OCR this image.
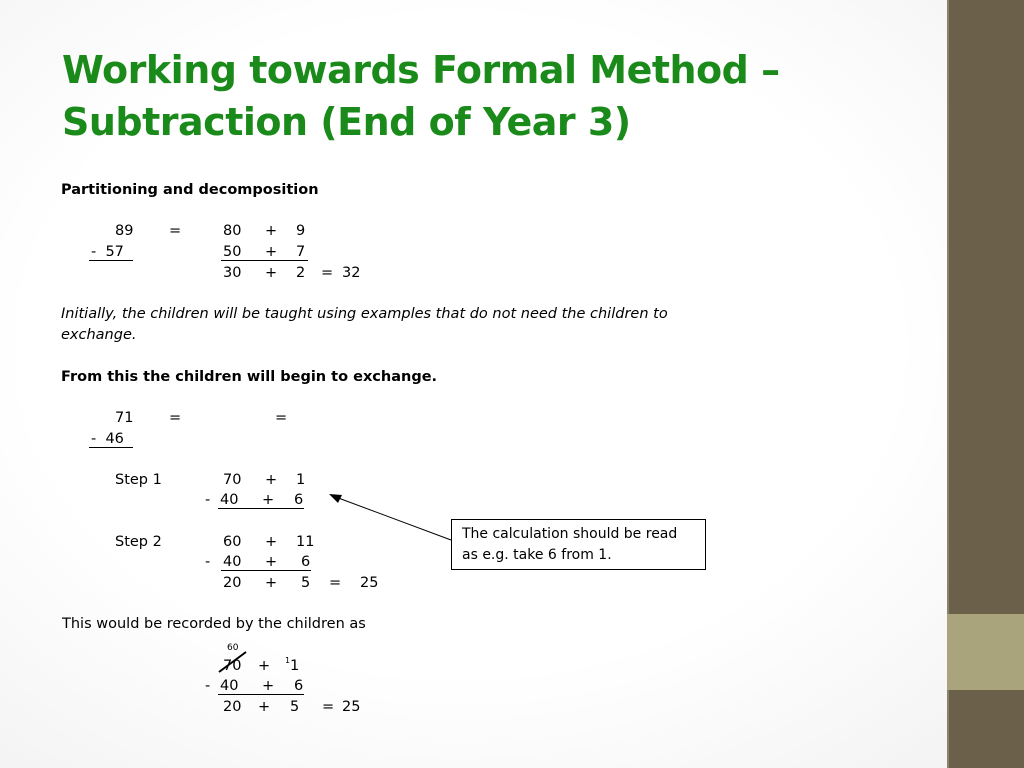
Working towards Formal Method –
Subtraction (End of Year 3)
Partitioning and decomposition
89 =	80 + 9
-  57	50 + 7
30 + 2 = 32
Initially, the children will be taught using examples that do not need the children to
exchange.
From this the children will begin to exchange.
71 =	=
-  46
Step 1	70 + 1
- 40 + 6
Step 2	60 + 11
- 40 + 6
20 + 5 = 25
The calculation should be read as e.g. take 6 from 1.
This would be recorded by the children as
60
70 + 1 1
- 40 + 6
20 + 5 = 25
